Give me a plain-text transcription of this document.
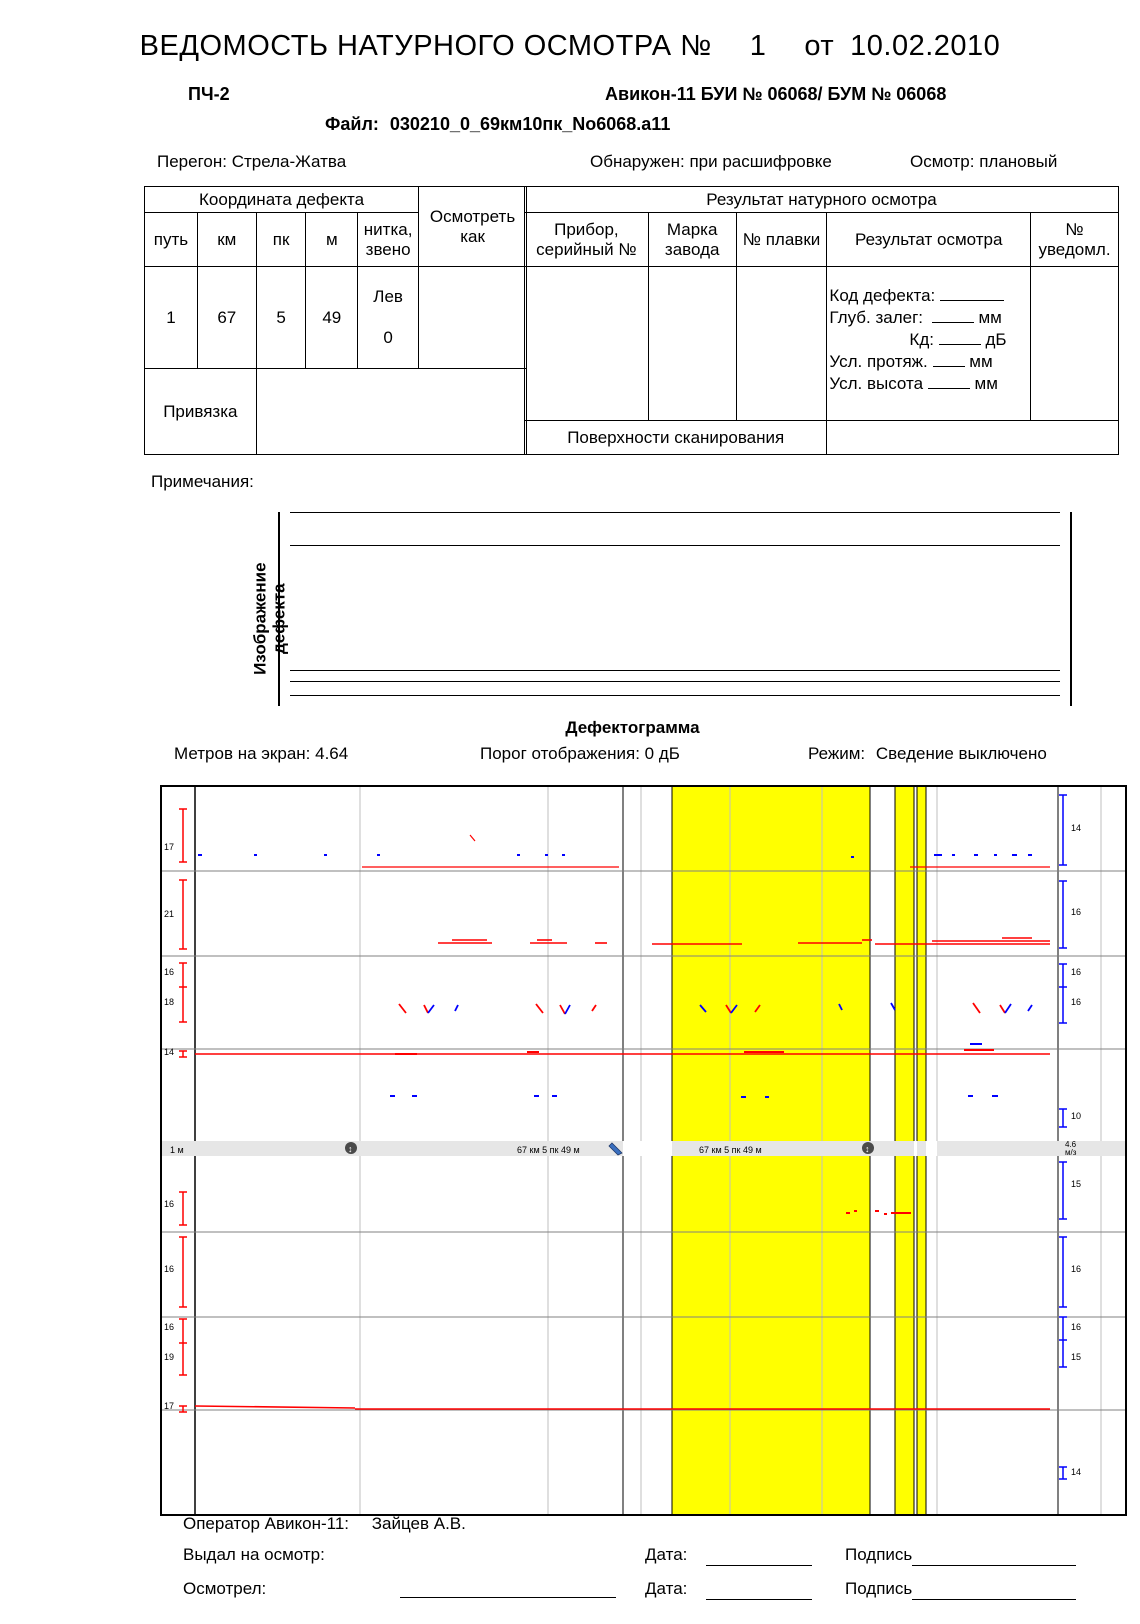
ВЕДОМОСТЬ НАТУРНОГО ОСМОТРА № 1 от 10.02.2010
ПЧ-2	Авикон-11 БУИ № 06068/ БУМ № 06068
Файл: 030210_0_69км10пк_No6068.a11
Перегон: Стрела-Жатва	Обнаружен: при расшифровке	Осмотр: плановый
Координата дефекта					Осмотреть как
путь	км	пк	м	нитка, звено	
1	67	5	49	Лев
0	

Привязка					
Результат натурного осмотра				
Прибор, серийный №	Марка завода	№ плавки	Результат осмотра	№ уведомл.

			Код дефекта:
Глуб. залег: мм
Кд: дБ
Усл. протяж. мм
Усл. высота мм	

Поверхности сканирования				
Примечания:
Изображение дефекта
Дефектограмма
Метров на экран: 4.64	Порог отображения: 0 дБ	Режим: Сведение выключено
1 м	67 км 5 пк 49 м	67 км 5 пк 49 м
4.6
м/з
↕	↕
17
21
16
18
14
16
16
16
19
17
14
16
16
16
10
15
16
16
15
14
Оператор Авикон-11: Зайцев А.В.
Выдал на осмотр:	Дата:	Подпись
Осмотрел:	Дата:	Подпись
